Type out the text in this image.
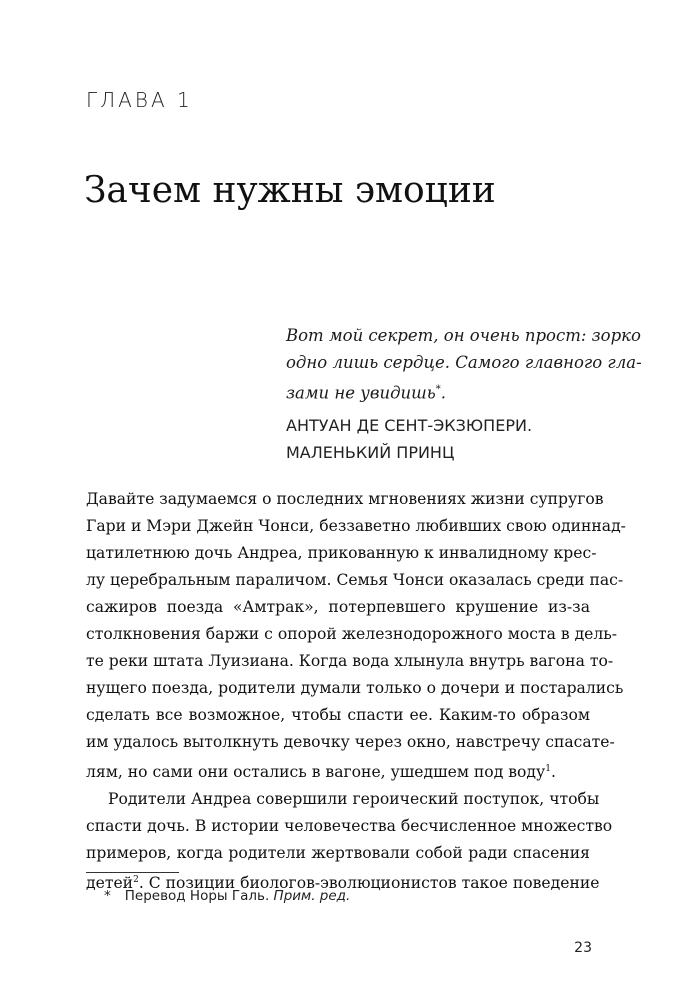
ГЛАВА 1
Зачем нужны эмоции
Вот мой секрет, он очень прост: зорко
одно лишь сердце. Самого главного гла-
зами не увидишь*.
АНТУАН ДЕ СЕНТ-ЭКЗЮПЕРИ.
МАЛЕНЬКИЙ ПРИНЦ
Давайте задумаемся о последних мгновениях жизни супругов
Гари и Мэри Джейн Чонси, беззаветно любивших свою одиннад-
цатилетнюю дочь Андреа, прикованную к инвалидному крес-
лу церебральным параличом. Семья Чонси оказалась среди пас-
сажиров поезда «Амтрак», потерпевшего крушение из-за
столкновения баржи с опорой железнодорожного моста в дель-
те реки штата Луизиана. Когда вода хлынула внутрь вагона то-
нущего поезда, родители думали только о дочери и постарались
сделать все возможное, чтобы спасти ее. Каким-то образом
им удалось вытолкнуть девочку через окно, навстречу спасате-
лям, но сами они остались в вагоне, ушедшем под воду$^1$.
Родители Андреа совершили героический поступок, чтобы
спасти дочь. В истории человечества бесчисленное множество
примеров, когда родители жертвовали собой ради спасения
детей$^2$. С позиции биологов-эволюционистов такое поведение
* Перевод Норы Галь. Прим. ред.
23
